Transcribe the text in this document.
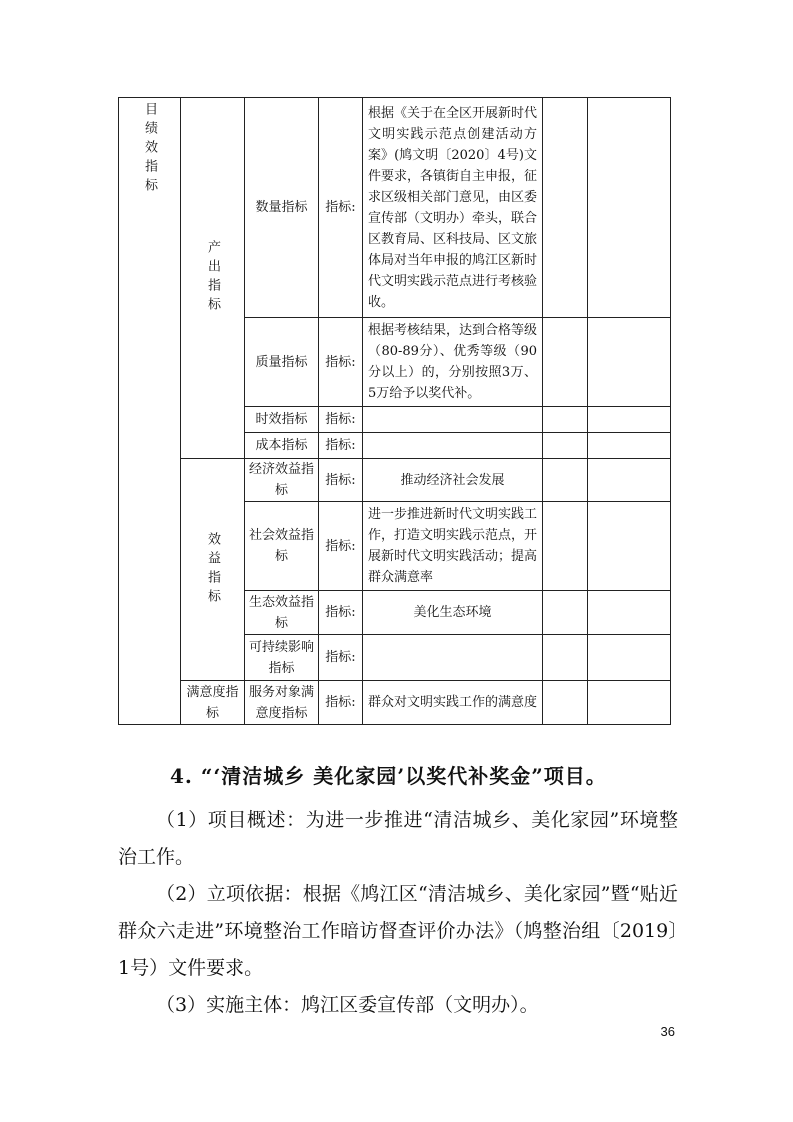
目绩效指标	产出指标	数量指标	指标:	根据《关于在全区开展新时代文明实践示范点创建活动方案》(鸠文明〔2020〕4号)文件要求，各镇街自主申报，征求区级相关部门意见，由区委宣传部（文明办）牵头，联合区教育局、区科技局、区文旅体局对当年申报的鸠江区新时代文明实践示范点进行考核验收。		
		质量指标	指标:	根据考核结果，达到合格等级（80-89分）、优秀等级（90分以上）的，分别按照3万、5万给予以奖代补。		
		时效指标	指标:			
		成本指标	指标:			

	效益指标	经济效益指标	指标:	推动经济社会发展		
		社会效益指标	指标:	进一步推进新时代文明实践工作，打造文明实践示范点，开展新时代文明实践活动；提高群众满意率		
		生态效益指标	指标:	美化生态环境		
		可持续影响指标	指标:			
	满意度指标	服务对象满意度指标	指标:	群众对文明实践工作的满意度		

4. “‘清洁城乡 美化家园’以奖代补奖金”项目。

（1）项目概述：为进一步推进“清洁城乡、美化家园”环境整治工作。

（2）立项依据：根据《鸠江区“清洁城乡、美化家园”暨“贴近群众六走进”环境整治工作暗访督查评价办法》（鸠整治组〔2019〕1号）文件要求。

（3）实施主体：鸠江区委宣传部（文明办）。

36
